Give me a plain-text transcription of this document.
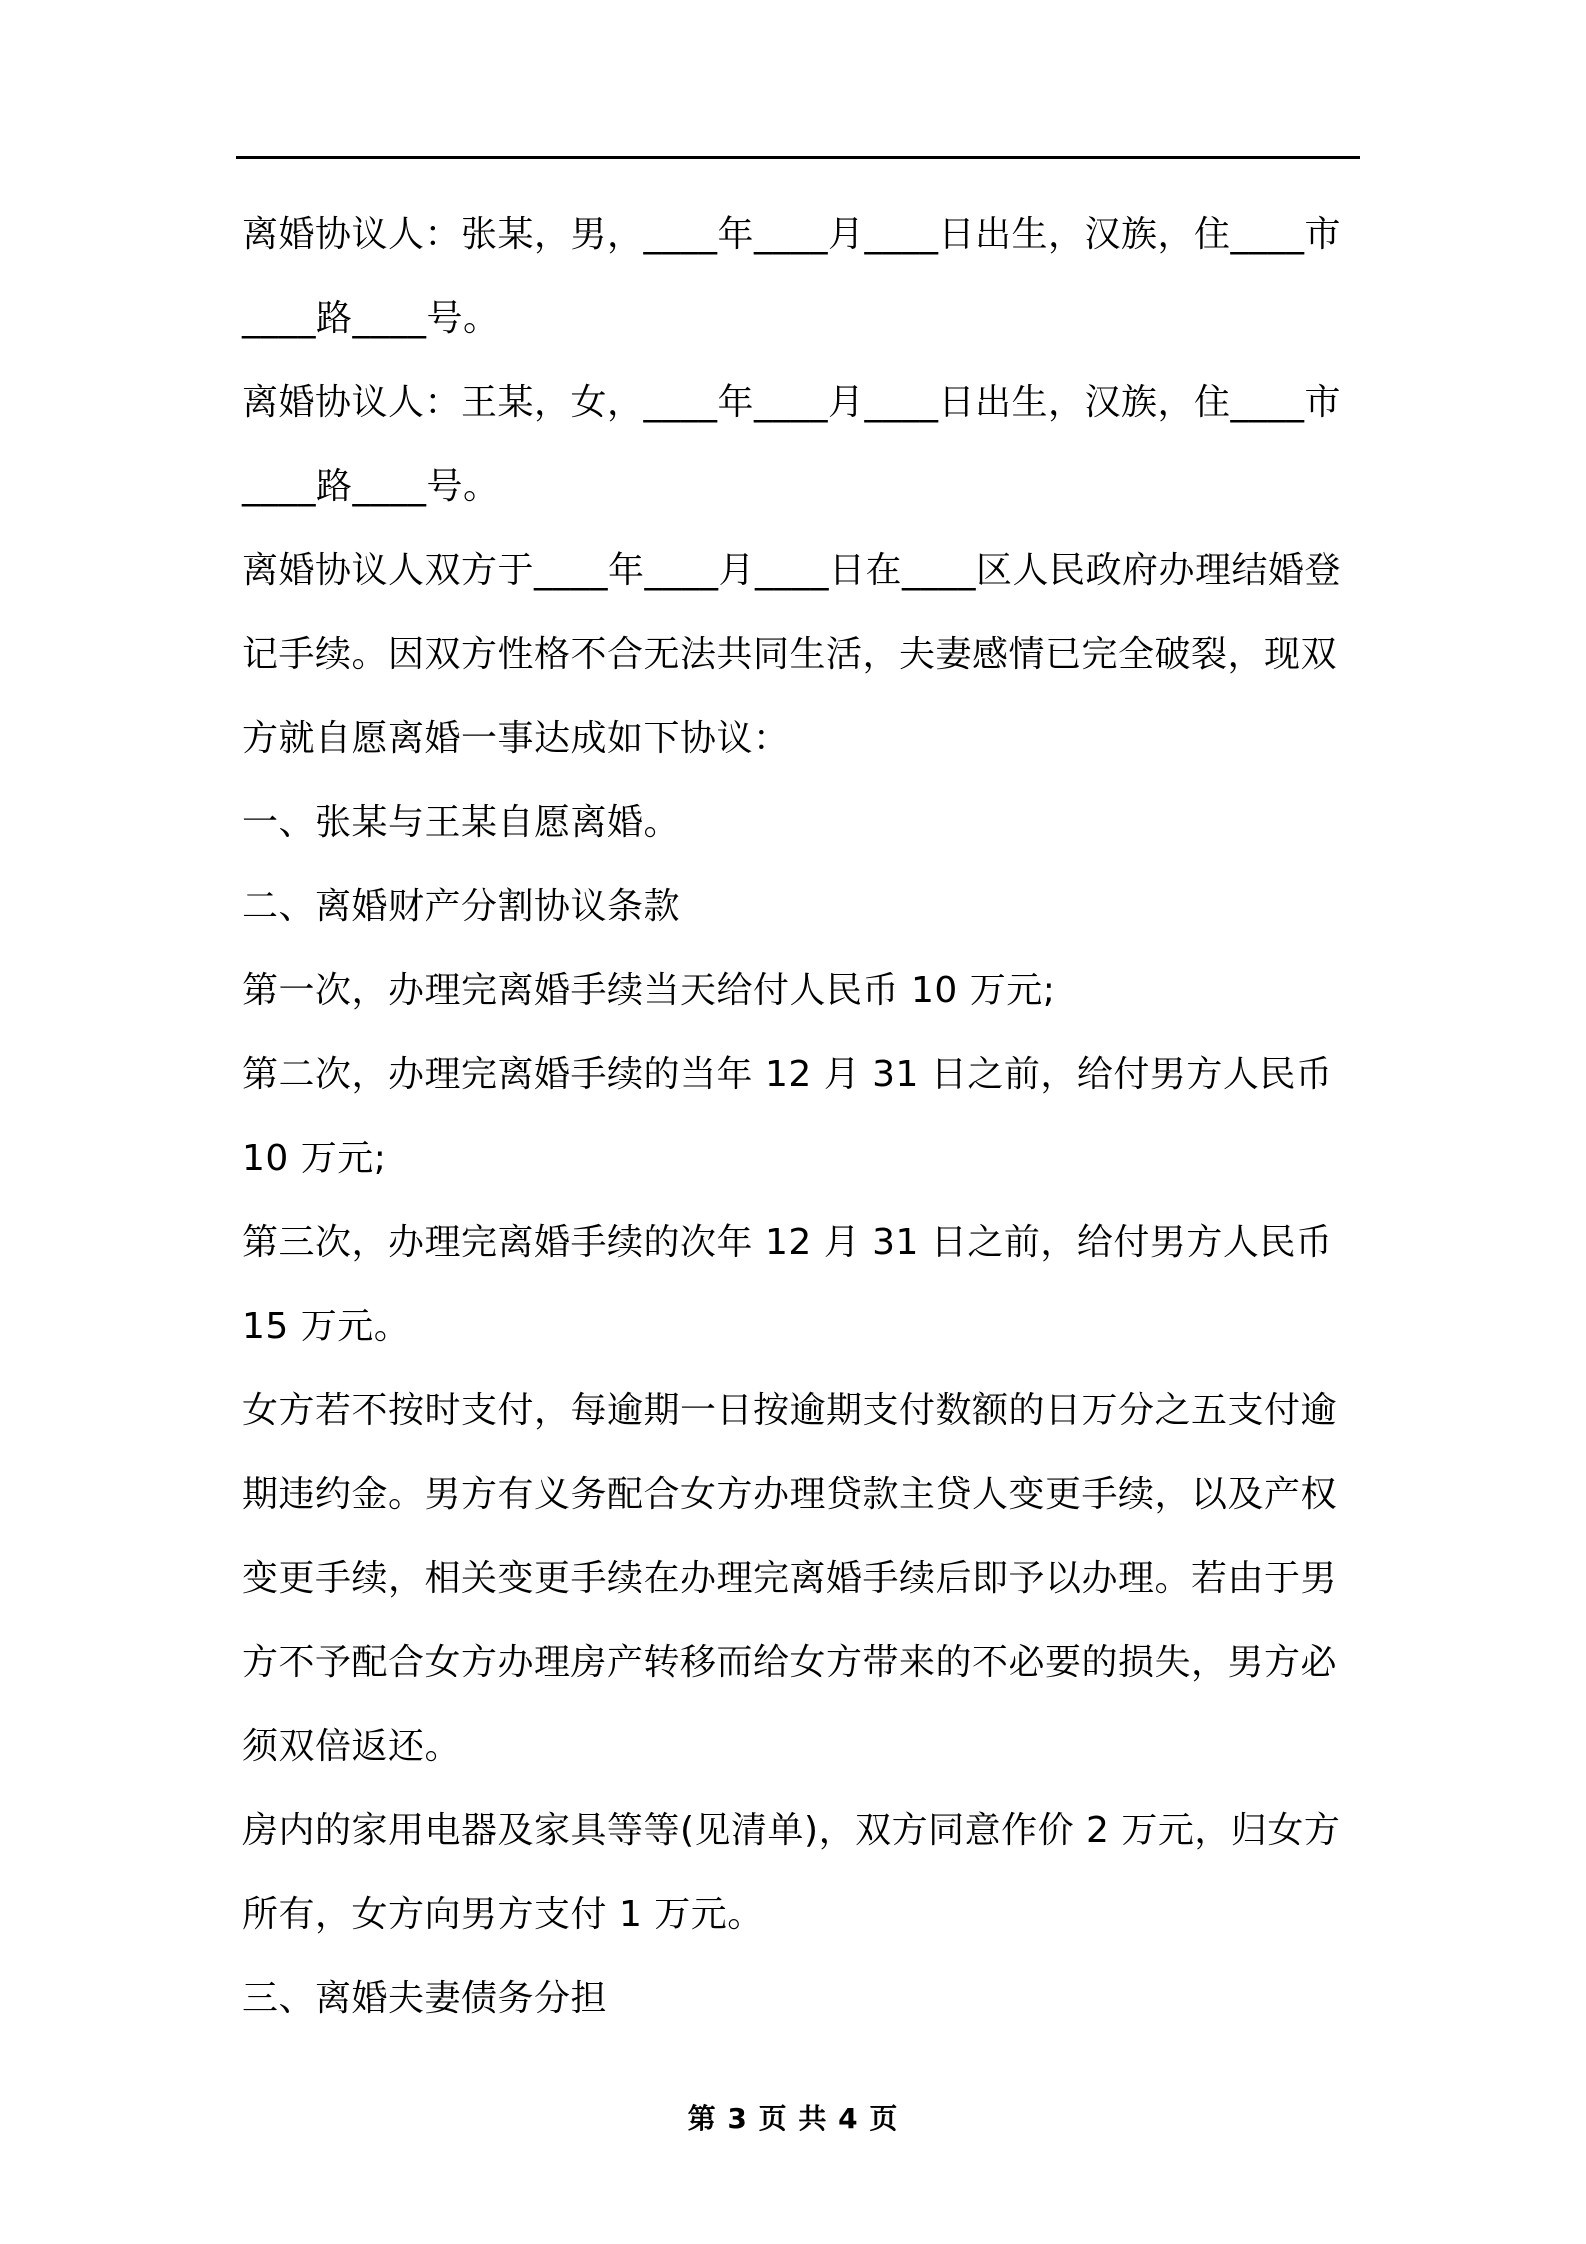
离婚协议人：张某，男，____年____月____日出生，汉族，住____市____路____号。

离婚协议人：王某，女，____年____月____日出生，汉族，住____市____路____号。

离婚协议人双方于____年____月____日在____区人民政府办理结婚登记手续。因双方性格不合无法共同生活，夫妻感情已完全破裂，现双方就自愿离婚一事达成如下协议：

一、张某与王某自愿离婚。

二、离婚财产分割协议条款

第一次，办理完离婚手续当天给付人民币 10 万元;

第二次，办理完离婚手续的当年 12 月 31 日之前，给付男方人民币 10 万元;

第三次，办理完离婚手续的次年 12 月 31 日之前，给付男方人民币 15 万元。

女方若不按时支付，每逾期一日按逾期支付数额的日万分之五支付逾期违约金。男方有义务配合女方办理贷款主贷人变更手续，以及产权变更手续，相关变更手续在办理完离婚手续后即予以办理。若由于男方不予配合女方办理房产转移而给女方带来的不必要的损失，男方必须双倍返还。

房内的家用电器及家具等等(见清单)，双方同意作价 2 万元，归女方所有，女方向男方支付 1 万元。

三、离婚夫妻债务分担

第 3 页 共 4 页
